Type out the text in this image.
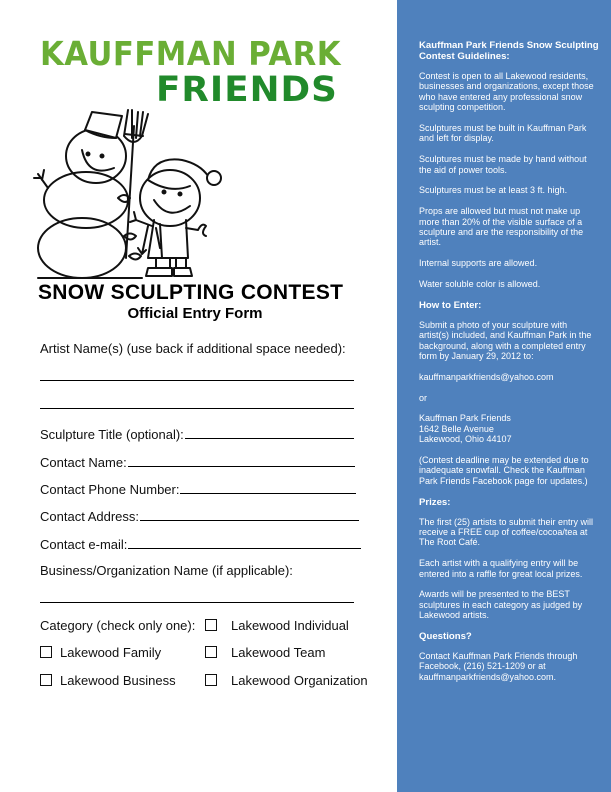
KAUFFMAN PARK
FRIENDS
SNOW SCULPTING CONTEST
Official Entry Form
Artist Name(s) (use back if additional space needed):
Sculpture Title (optional):
Contact Name:
Contact Phone Number:
Contact Address:
Contact e-mail:
Business/Organization Name (if applicable):
Category (check only one):	Lakewood Individual
Lakewood Family	Lakewood Team
Lakewood Business	Lakewood Organization
Kauffman Park Friends Snow Sculpting Contest Guidelines:

Contest is open to all Lakewood residents, businesses and organizations, except those who have entered any professional snow sculpting competition.

Sculptures must be built in Kauffman Park and left for display.

Sculptures must be made by hand without the aid of power tools.

Sculptures must be at least 3 ft. high.

Props are allowed but must not make up more than 20% of the visible surface of a sculpture and are the responsibility of the artist.

Internal supports are allowed.

Water soluble color is allowed.

How to Enter:

Submit a photo of your sculpture with artist(s) included, and Kauffman Park in the background, along with a completed entry form by January 29, 2012 to:

kauffmanparkfriends@yahoo.com

or

Kauffman Park Friends
1642 Belle Avenue
Lakewood, Ohio 44107

(Contest deadline may be extended due to inadequate snowfall. Check the Kauffman Park Friends Facebook page for updates.)

Prizes:

The first (25) artists to submit their entry will receive a FREE cup of coffee/cocoa/tea at The Root Café.

Each artist with a qualifying entry will be entered into a raffle for great local prizes.

Awards will be presented to the BEST sculptures in each category as judged by Lakewood artists.

Questions?

Contact Kauffman Park Friends through Facebook, (216) 521-1209 or at kauffmanparkfriends@yahoo.com.
